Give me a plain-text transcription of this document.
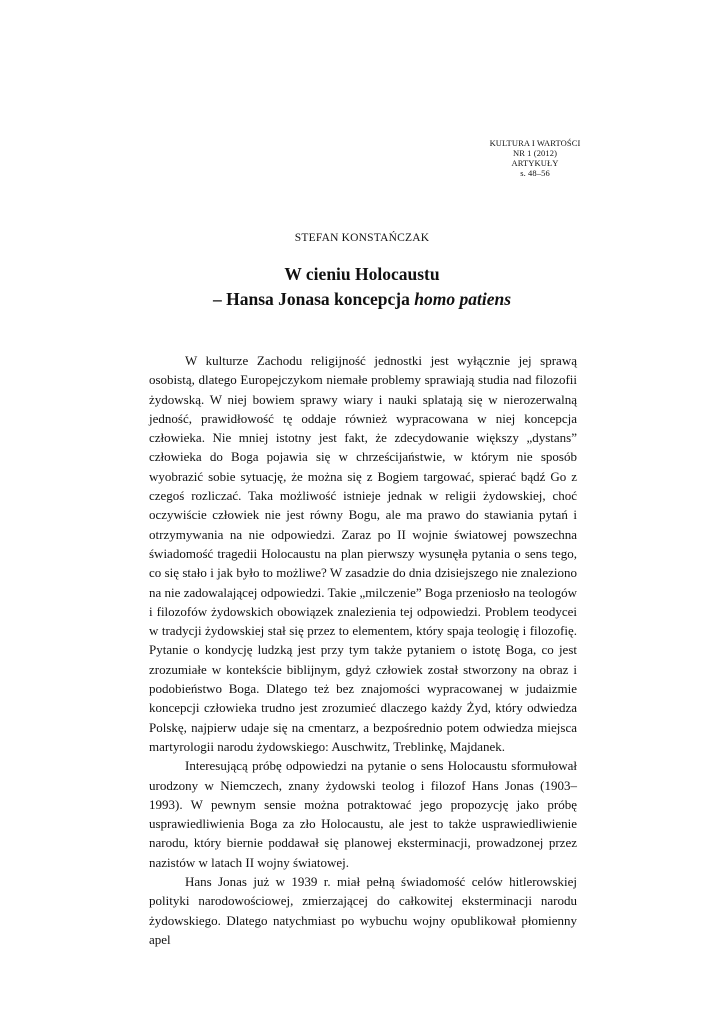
KULTURA I WARTOŚCI
NR 1 (2012)
ARTYKUŁY
s. 48–56
STEFAN KONSTAŃCZAK
W cieniu Holocaustu
– Hansa Jonasa koncepcja homo patiens

W kulturze Zachodu religijność jednostki jest wyłącznie jej sprawą osobistą, dlatego Europejczykom niemałe problemy sprawiają studia nad filozofii żydowską. W niej bowiem sprawy wiary i nauki splatają się w nierozerwalną jedność, prawidłowość tę oddaje również wypracowana w niej koncepcja człowieka. Nie mniej istotny jest fakt, że zdecydowanie większy „dystans” człowieka do Boga pojawia się w chrześcijaństwie, w którym nie sposób wyobrazić sobie sytuację, że można się z Bogiem targować, spierać bądź Go z czegoś rozliczać. Taka możliwość istnieje jednak w religii żydowskiej, choć oczywiście człowiek nie jest równy Bogu, ale ma prawo do stawiania pytań i otrzymywania na nie odpowiedzi. Zaraz po II wojnie światowej powszechna świadomość tragedii Holocaustu na plan pierwszy wysunęła pytania o sens tego, co się stało i jak było to możliwe? W zasadzie do dnia dzisiejszego nie znaleziono na nie zadowalającej odpowiedzi. Takie „milczenie” Boga przeniosło na teologów i filozofów żydowskich obowiązek znalezienia tej odpowiedzi. Problem teodycei w tradycji żydowskiej stał się przez to elementem, który spaja teologię i filozofię. Pytanie o kondycję ludzką jest przy tym także pytaniem o istotę Boga, co jest zrozumiałe w kontekście biblijnym, gdyż człowiek został stworzony na obraz i podobieństwo Boga. Dlatego też bez znajomości wypracowanej w judaizmie koncepcji człowieka trudno jest zrozumieć dlaczego każdy Żyd, który odwiedza Polskę, najpierw udaje się na cmentarz, a bezpośrednio potem odwiedza miejsca martyrologii narodu żydowskiego: Auschwitz, Treblinkę, Majdanek.

Interesującą próbę odpowiedzi na pytanie o sens Holocaustu sformułował urodzony w Niemczech, znany żydowski teolog i filozof Hans Jonas (1903–1993). W pewnym sensie można potraktować jego propozycję jako próbę usprawiedliwienia Boga za zło Holocaustu, ale jest to także usprawiedliwienie narodu, który biernie poddawał się planowej eksterminacji, prowadzonej przez nazistów w latach II wojny światowej.

Hans Jonas już w 1939 r. miał pełną świadomość celów hitlerowskiej polityki narodowościowej, zmierzającej do całkowitej eksterminacji narodu żydowskiego. Dlatego natychmiast po wybuchu wojny opublikował płomienny apel
